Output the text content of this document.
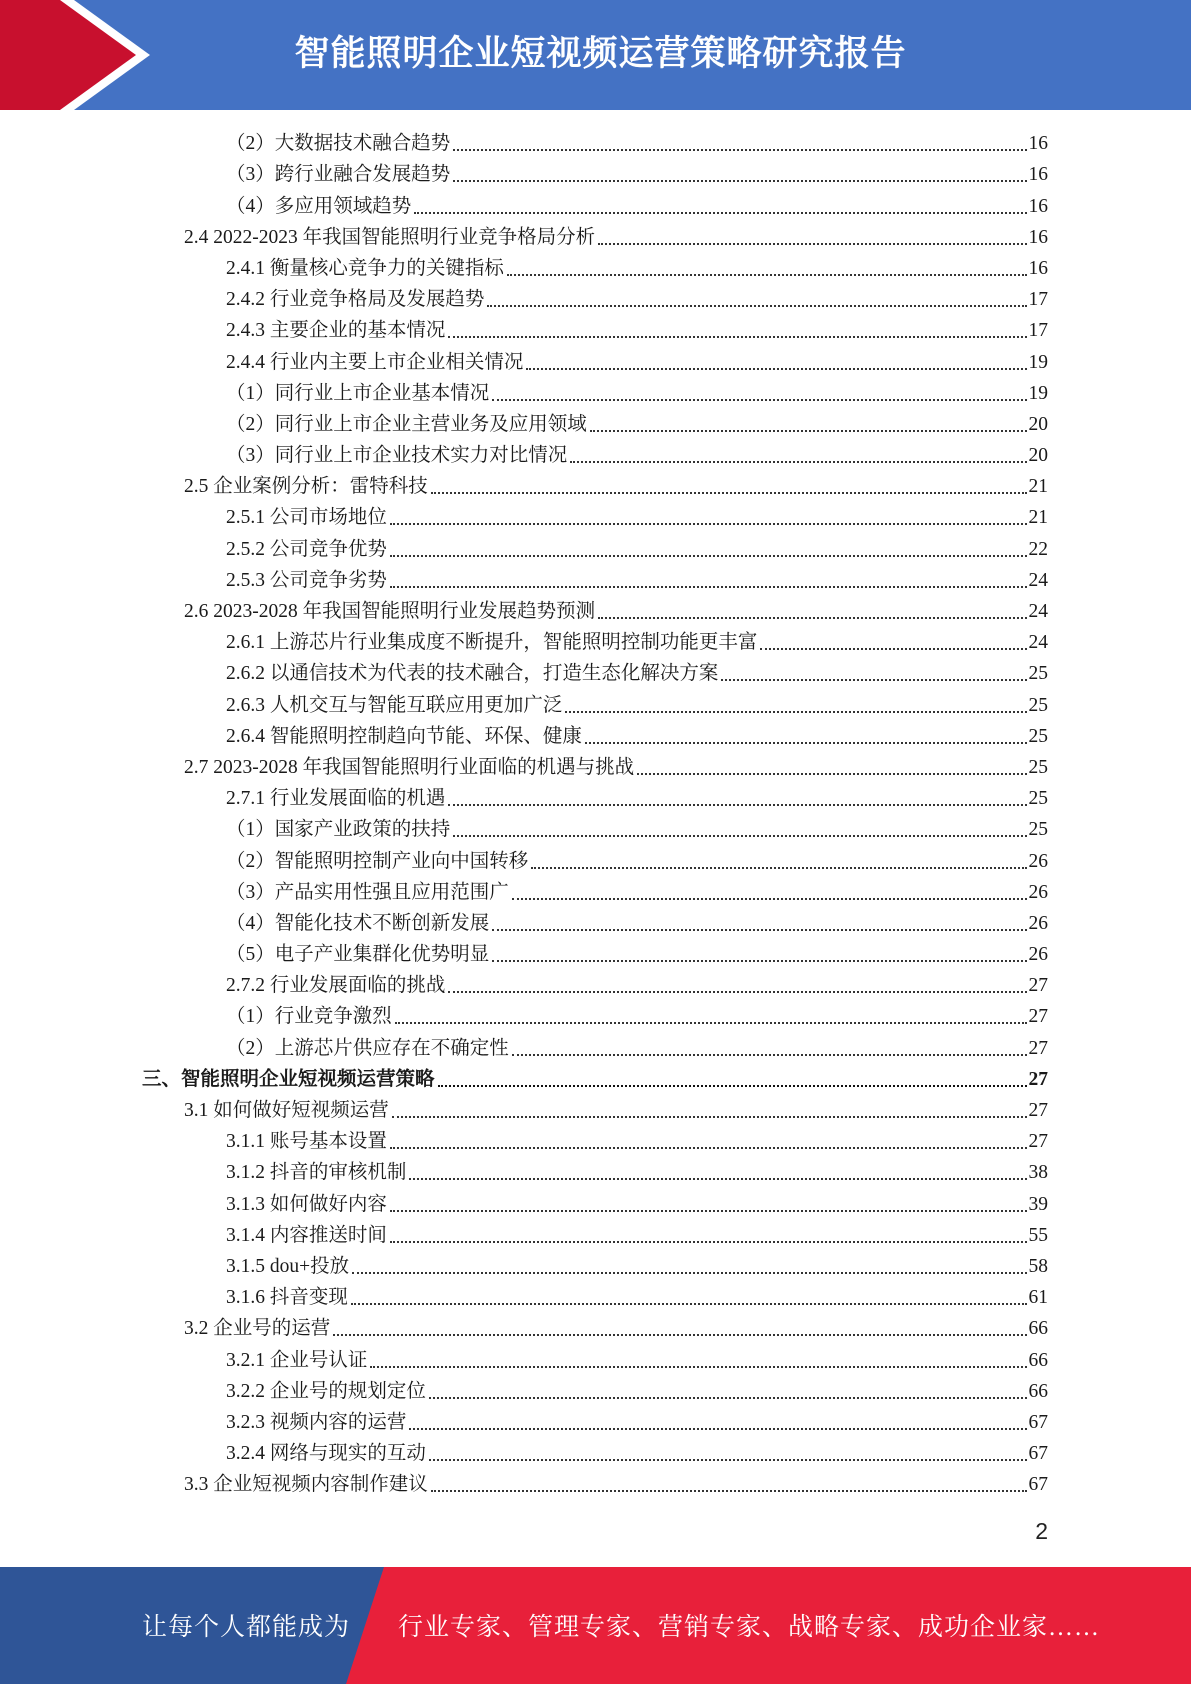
智能照明企业短视频运营策略研究报告
（2）大数据技术融合趋势	16
（3）跨行业融合发展趋势	16
（4）多应用领域趋势	16
2.4 2022-2023 年我国智能照明行业竞争格局分析	16
2.4.1 衡量核心竞争力的关键指标	16
2.4.2 行业竞争格局及发展趋势	17
2.4.3 主要企业的基本情况	17
2.4.4 行业内主要上市企业相关情况	19
（1）同行业上市企业基本情况	19
（2）同行业上市企业主营业务及应用领域	20
（3）同行业上市企业技术实力对比情况	20
2.5 企业案例分析：雷特科技	21
2.5.1 公司市场地位	21
2.5.2 公司竞争优势	22
2.5.3 公司竞争劣势	24
2.6 2023-2028 年我国智能照明行业发展趋势预测	24
2.6.1 上游芯片行业集成度不断提升，智能照明控制功能更丰富	24
2.6.2 以通信技术为代表的技术融合，打造生态化解决方案	25
2.6.3 人机交互与智能互联应用更加广泛	25
2.6.4 智能照明控制趋向节能、环保、健康	25
2.7 2023-2028 年我国智能照明行业面临的机遇与挑战	25
2.7.1 行业发展面临的机遇	25
（1）国家产业政策的扶持	25
（2）智能照明控制产业向中国转移	26
（3）产品实用性强且应用范围广	26
（4）智能化技术不断创新发展	26
（5）电子产业集群化优势明显	26
2.7.2 行业发展面临的挑战	27
（1）行业竞争激烈	27
（2）上游芯片供应存在不确定性	27
三、智能照明企业短视频运营策略	27
3.1 如何做好短视频运营	27
3.1.1 账号基本设置	27
3.1.2 抖音的审核机制	38
3.1.3 如何做好内容	39
3.1.4 内容推送时间	55
3.1.5 dou+投放	58
3.1.6 抖音变现	61
3.2 企业号的运营	66
3.2.1 企业号认证	66
3.2.2 企业号的规划定位	66
3.2.3 视频内容的运营	67
3.2.4 网络与现实的互动	67
3.3 企业短视频内容制作建议	67
2
让每个人都能成为 行业专家、管理专家、营销专家、战略专家、成功企业家……
